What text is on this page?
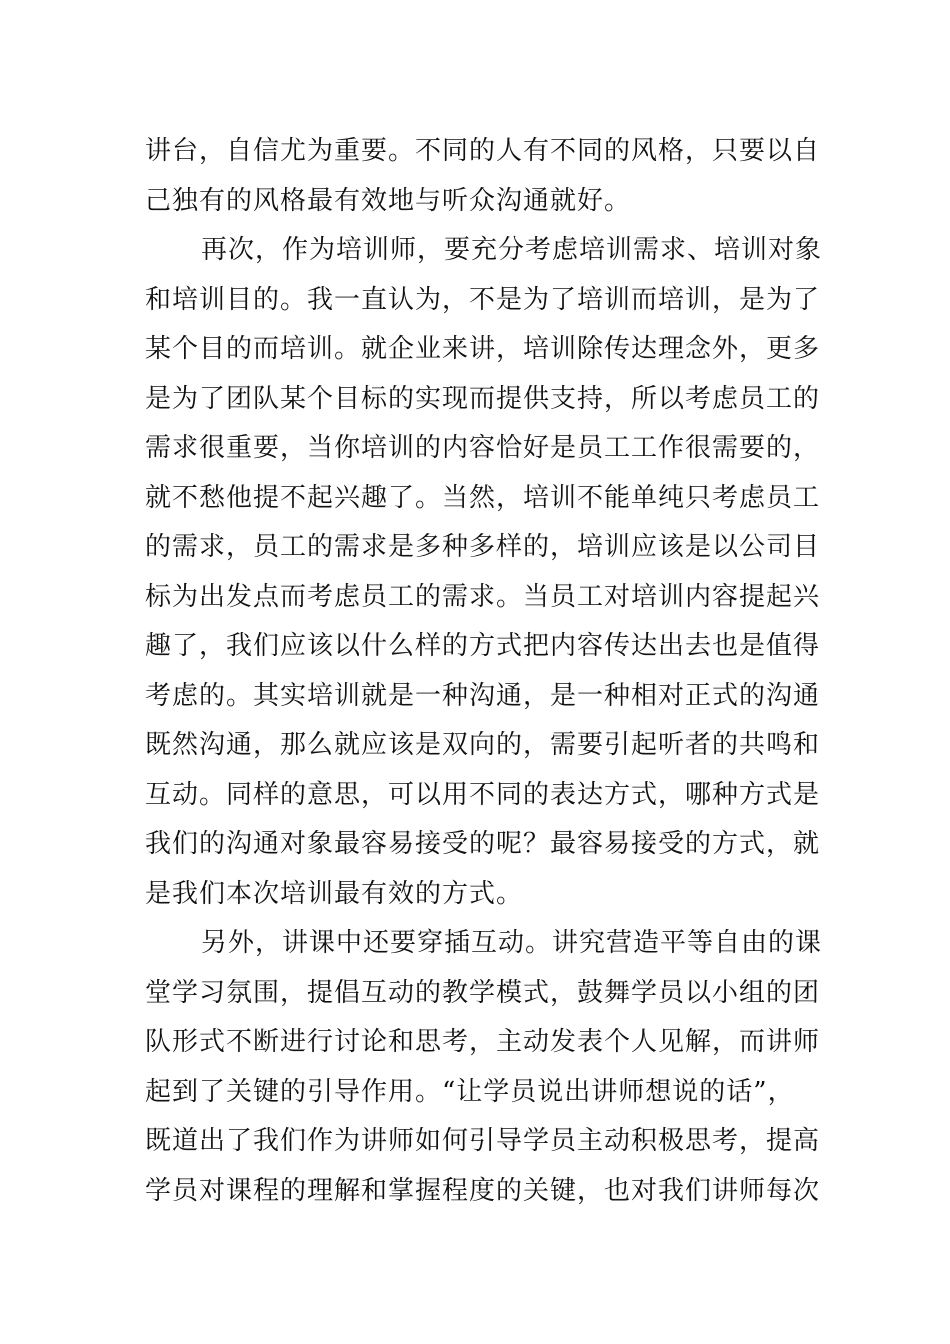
讲台，自信尤为重要。不同的人有不同的风格，只要以自
己独有的风格最有效地与听众沟通就好。
再次，作为培训师，要充分考虑培训需求、培训对象
和培训目的。我一直认为，不是为了培训而培训，是为了
某个目的而培训。就企业来讲，培训除传达理念外，更多
是为了团队某个目标的实现而提供支持，所以考虑员工的
需求很重要，当你培训的内容恰好是员工工作很需要的，
就不愁他提不起兴趣了。当然，培训不能单纯只考虑员工
的需求，员工的需求是多种多样的，培训应该是以公司目
标为出发点而考虑员工的需求。当员工对培训内容提起兴
趣了，我们应该以什么样的方式把内容传达出去也是值得
考虑的。其实培训就是一种沟通，是一种相对正式的沟通
既然沟通，那么就应该是双向的，需要引起听者的共鸣和
互动。同样的意思，可以用不同的表达方式，哪种方式是
我们的沟通对象最容易接受的呢？最容易接受的方式，就
是我们本次培训最有效的方式。
另外，讲课中还要穿插互动。讲究营造平等自由的课
堂学习氛围，提倡互动的教学模式，鼓舞学员以小组的团
队形式不断进行讨论和思考，主动发表个人见解，而讲师
起到了关键的引导作用。“让学员说出讲师想说的话”，
既道出了我们作为讲师如何引导学员主动积极思考，提高
学员对课程的理解和掌握程度的关键，也对我们讲师每次
